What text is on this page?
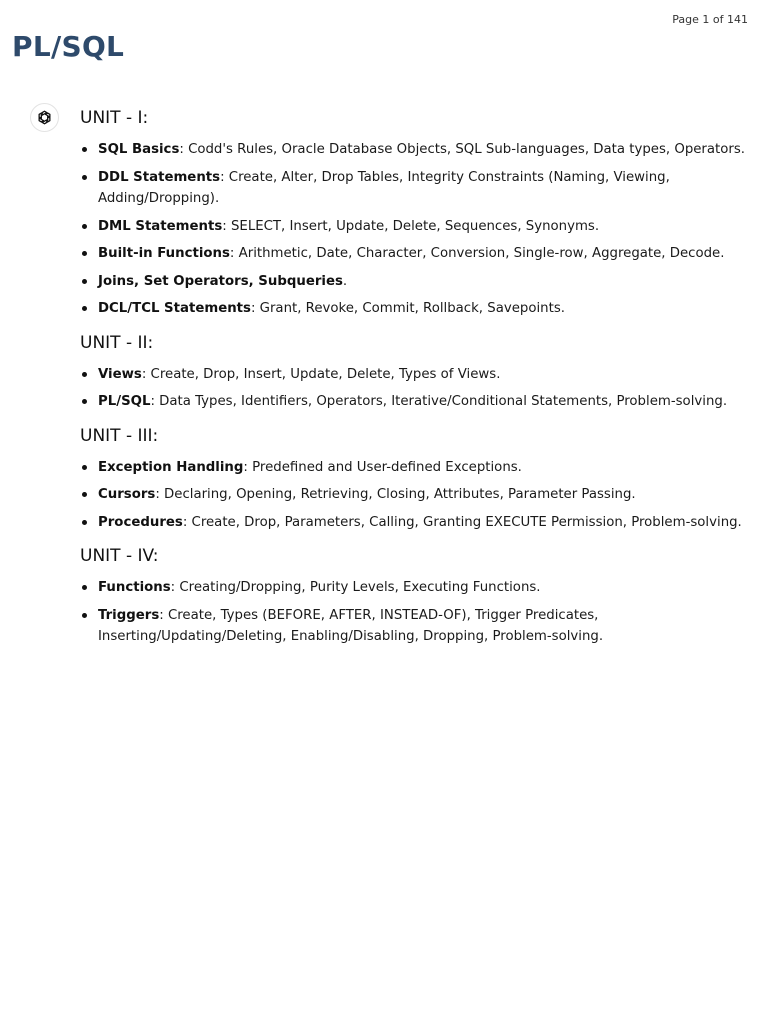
Page 1 of 141
PL/SQL
UNIT - I:
SQL Basics: Codd's Rules, Oracle Database Objects, SQL Sub-languages, Data types, Operators.
DDL Statements: Create, Alter, Drop Tables, Integrity Constraints (Naming, Viewing, Adding/Dropping).
DML Statements: SELECT, Insert, Update, Delete, Sequences, Synonyms.
Built-in Functions: Arithmetic, Date, Character, Conversion, Single-row, Aggregate, Decode.
Joins, Set Operators, Subqueries.
DCL/TCL Statements: Grant, Revoke, Commit, Rollback, Savepoints.
UNIT - II:
Views: Create, Drop, Insert, Update, Delete, Types of Views.
PL/SQL: Data Types, Identifiers, Operators, Iterative/Conditional Statements, Problem-solving.
UNIT - III:
Exception Handling: Predefined and User-defined Exceptions.
Cursors: Declaring, Opening, Retrieving, Closing, Attributes, Parameter Passing.
Procedures: Create, Drop, Parameters, Calling, Granting EXECUTE Permission, Problem-solving.
UNIT - IV:
Functions: Creating/Dropping, Purity Levels, Executing Functions.
Triggers: Create, Types (BEFORE, AFTER, INSTEAD-OF), Trigger Predicates, Inserting/Updating/Deleting, Enabling/Disabling, Dropping, Problem-solving.
